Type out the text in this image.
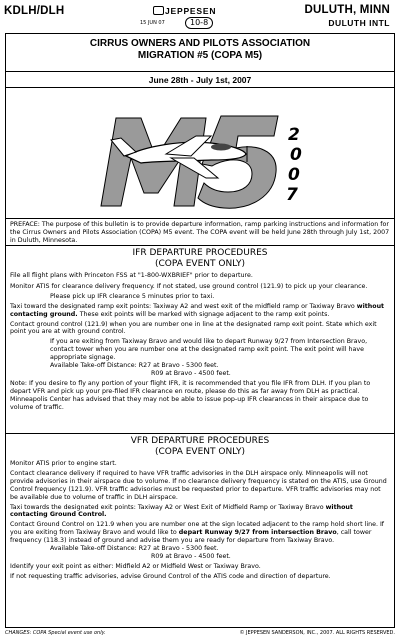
KDLH/DLH	JEPPESEN
15 JUN 07	10-8
DULUTH, MINN
DULUTH INTL
CIRRUS OWNERS AND PILOTS ASSOCIATION
MIGRATION #5 (COPA M5)
June 28th - July 1st, 2007
2
0
0
7
PREFACE: The purpose of this bulletin is to provide departure information, ramp parking instructions and information for the Cirrus Owners and Pilots Association (COPA) M5 event. The COPA event will be held June 28th through July 1st, 2007 in Duluth, Minnesota.
IFR DEPARTURE PROCEDURES
(COPA EVENT ONLY)

File all flight plans with Princeton FSS at "1-800-WXBRIEF" prior to departure.

Monitor ATIS for clearance delivery frequency. If not stated, use ground control (121.9) to pick up your clearance.

Please pick up IFR clearance 5 minutes prior to taxi.

Taxi toward the designated ramp exit points: Taxiway A2 and west exit of the midfield ramp or Taxiway Bravo without contacting ground. These exit points will be marked with signage adjacent to the ramp exit points.

Contact ground control (121.9) when you are number one in line at the designated ramp exit point. State which exit point you are at with ground control.

If you are exiting from Taxiway Bravo and would like to depart Runway 9/27 from Intersection Bravo, contact tower when you are number one at the designated ramp exit point. The exit point will have appropriate signage.

Available Take-off Distance: R27 at Bravo - 5300 feet.

R09 at Bravo - 4500 feet.

Note: If you desire to fly any portion of your flight IFR, it is recommended that you file IFR from DLH. If you plan to depart VFR and pick up your pre-filed IFR clearance en route, please do this as far away from DLH as practical. Minneapolis Center has advised that they may not be able to issue pop-up IFR clearances in their airspace due to volume of traffic.

VFR DEPARTURE PROCEDURES
(COPA EVENT ONLY)

Monitor ATIS prior to engine start.

Contact clearance delivery if required to have VFR traffic advisories in the DLH airspace only. Minneapolis will not provide advisories in their airspace due to volume. If no clearance delivery frequency is stated on the ATIS, use Ground Control frequency (121.9). VFR traffic advisories must be requested prior to departure. VFR traffic advisories may not be available due to volume of traffic in DLH airspace.

Taxi towards the designated exit points: Taxiway A2 or West Exit of Midfield Ramp or Taxiway Bravo without contacting Ground Control.

Contact Ground Control on 121.9 when you are number one at the sign located adjacent to the ramp hold short line. If you are exiting from Taxiway Bravo and would like to depart Runway 9/27 from intersection Bravo, call tower frequency (118.3) instead of ground and advise them you are ready for departure from Taxiway Bravo.

Available Take-off Distance: R27 at Bravo - 5300 feet.

R09 at Bravo - 4500 feet.

Identify your exit point as either: Midfield A2 or Midfield West or Taxiway Bravo.

If not requesting traffic advisories, advise Ground Control of the ATIS code and direction of departure.

CHANGES: COPA Special event use only.	© JEPPESEN SANDERSON, INC., 2007. ALL RIGHTS RESERVED.
